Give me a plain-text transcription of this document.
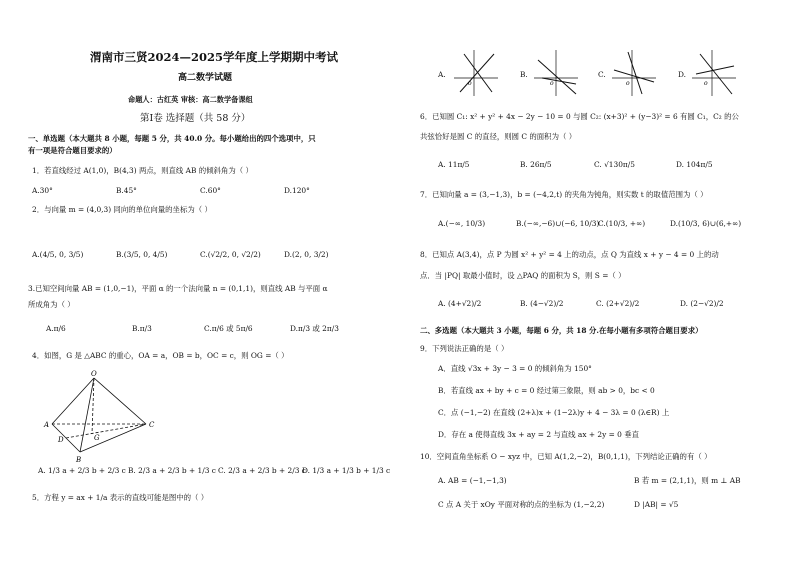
渭南市三贤2024—2025学年度上学期期中考试
高二数学试题
命题人：古红英 审核：高二数学备课组
第Ⅰ卷 选择题（共 58 分）
一、单选题（本大题共 8 小题，每题 5 分，共 40.0 分。每小题给出的四个选项中，只
有一项是符合题目要求的）
1．若直线经过 A(1,0)，B(4,3) 两点，则直线 AB 的倾斜角为（ ）
A.30°	B.45°	C.60°	D.120°
2．与向量 m = (4,0,3) 同向的单位向量的坐标为（ ）
A.(4/5, 0, 3/5)	B.(3/5, 0, 4/5)	C.(√2/2, 0, √2/2)	D.(2, 0, 3/2)
3.已知空间向量 AB = (1,0,−1)，平面 α 的一个法向量 n = (0,1,1)，则直线 AB 与平面 α
所成角为（ ）
A.π/6	B.π/3	C.π/6 或 5π/6	D.π/3 或 2π/3
4．如图，G 是 △ABC 的重心，OA = a，OB = b，OC = c，则 OG =（ ）
O
A
B
C
D	G
A. 1/3 a + 2/3 b + 2/3 c B. 2/3 a + 2/3 b + 1/3 c C. 2/3 a + 2/3 b + 2/3 c
D. 1/3 a + 1/3 b + 1/3 c
5．方程 y = ax + 1/a 表示的直线可能是图中的（ ）
A.	B.	C.	D.
o	o	o	o
6．已知圆 C₁: x² + y² + 4x − 2y − 10 = 0 与圆 C₂: (x+3)² + (y−3)² = 6 有圆 C₁，C₂ 的公
共弦恰好是圆 C 的直径，则圆 C 的面积为（ ）
A. 11π/5	B. 26π/5	C. √130π/5	D. 104π/5
7．已知向量 a = (3,−1,3)，b = (−4,2,t) 的夹角为钝角，则实数 t 的取值范围为（ ）
A.(−∞, 10/3)	B.(−∞,−6)∪(−6, 10/3)
C.(10/3, +∞)	D.(10/3, 6)∪(6,+∞)
8．已知点 A(3,4)，点 P 为圆 x² + y² = 4 上的动点，点 Q 为直线 x + y − 4 = 0 上的动
点．当 |PQ| 取最小值时，设 △PAQ 的面积为 S，则 S =（ ）
A. (4+√2)/2	B. (4−√2)/2	C. (2+√2)/2	D. (2−√2)/2
二、多选题（本大题共 3 小题，每题 6 分，共 18 分.在每小题有多项符合题目要求）
9．下列说法正确的是（ ）
A．直线 √3x + 3y − 3 = 0 的倾斜角为 150°
B．若直线 ax + by + c = 0 经过第三象限，则 ab > 0，bc < 0
C．点 (−1,−2) 在直线 (2+λ)x + (1−2λ)y + 4 − 3λ = 0 (λ∈R) 上
D．存在 a 使得直线 3x + ay = 2 与直线 ax + 2y = 0 垂直
10．空间直角坐标系 O − xyz 中，已知 A(1,2,−2)，B(0,1,1)，下列结论正确的有（ ）
A. AB = (−1,−1,3)	B 若 m = (2,1,1)，则 m ⊥ AB
C 点 A 关于 xOy 平面对称的点的坐标为 (1,−2,2)	D |AB| = √5
